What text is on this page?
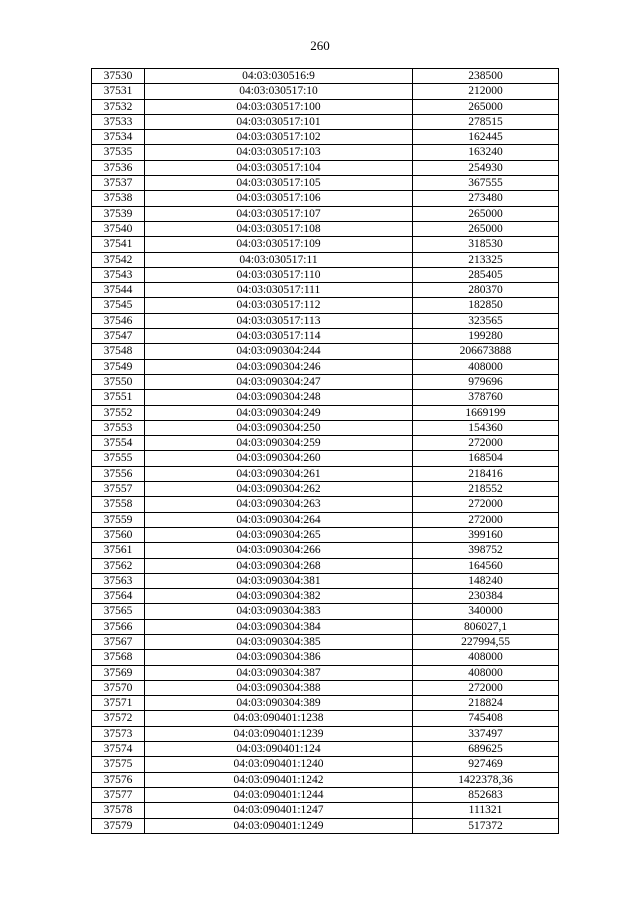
260
37530	04:03:030516:9	238500
37531	04:03:030517:10	212000
37532	04:03:030517:100	265000
37533	04:03:030517:101	278515
37534	04:03:030517:102	162445
37535	04:03:030517:103	163240
37536	04:03:030517:104	254930
37537	04:03:030517:105	367555
37538	04:03:030517:106	273480
37539	04:03:030517:107	265000
37540	04:03:030517:108	265000
37541	04:03:030517:109	318530
37542	04:03:030517:11	213325
37543	04:03:030517:110	285405
37544	04:03:030517:111	280370
37545	04:03:030517:112	182850
37546	04:03:030517:113	323565
37547	04:03:030517:114	199280
37548	04:03:090304:244	206673888
37549	04:03:090304:246	408000
37550	04:03:090304:247	979696
37551	04:03:090304:248	378760
37552	04:03:090304:249	1669199
37553	04:03:090304:250	154360
37554	04:03:090304:259	272000
37555	04:03:090304:260	168504
37556	04:03:090304:261	218416
37557	04:03:090304:262	218552
37558	04:03:090304:263	272000
37559	04:03:090304:264	272000
37560	04:03:090304:265	399160
37561	04:03:090304:266	398752
37562	04:03:090304:268	164560
37563	04:03:090304:381	148240
37564	04:03:090304:382	230384
37565	04:03:090304:383	340000
37566	04:03:090304:384	806027,1
37567	04:03:090304:385	227994,55
37568	04:03:090304:386	408000
37569	04:03:090304:387	408000
37570	04:03:090304:388	272000
37571	04:03:090304:389	218824
37572	04:03:090401:1238	745408
37573	04:03:090401:1239	337497
37574	04:03:090401:124	689625
37575	04:03:090401:1240	927469
37576	04:03:090401:1242	1422378,36
37577	04:03:090401:1244	852683
37578	04:03:090401:1247	111321
37579	04:03:090401:1249	517372
